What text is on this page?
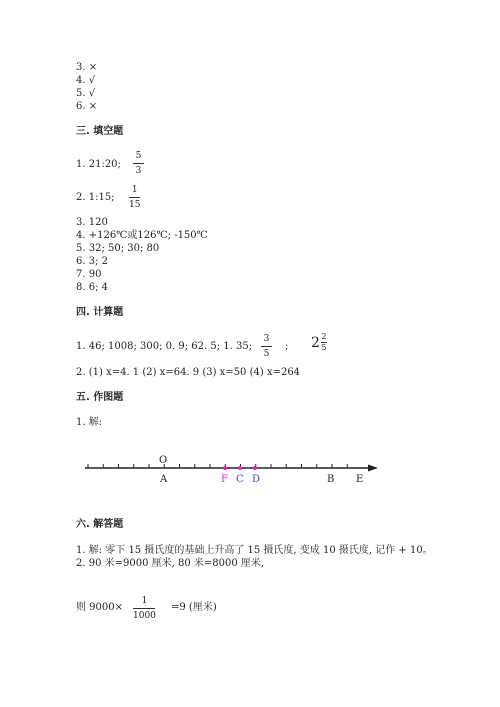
3. ×
4. √
5. √
6. ×
三. 填空题
1. 21:20;
5
3
2. 1:15;
1
15
3. 120
4. +126℃或126℃; -150℃
5. 32; 50; 30; 80
6. 3; 2
7. 90
8. 6; 4
四. 计算题
1. 46; 1008; 300; 0. 9; 62. 5; 1. 35;
3
5
; 2 2
5
2. (1) x=4. 1 (2) x=64. 9 (3) x=50 (4) x=264
五. 作图题
1. 解:
O
A	F C D	B E
六. 解答题
1. 解: 零下 15 摄氏度的基础上升高了 15 摄氏度, 变成 10 摄氏度, 记作 + 10。
2. 90 米=9000 厘米, 80 米=8000 厘米,
则 9000×
1
1000
=9 (厘米)
